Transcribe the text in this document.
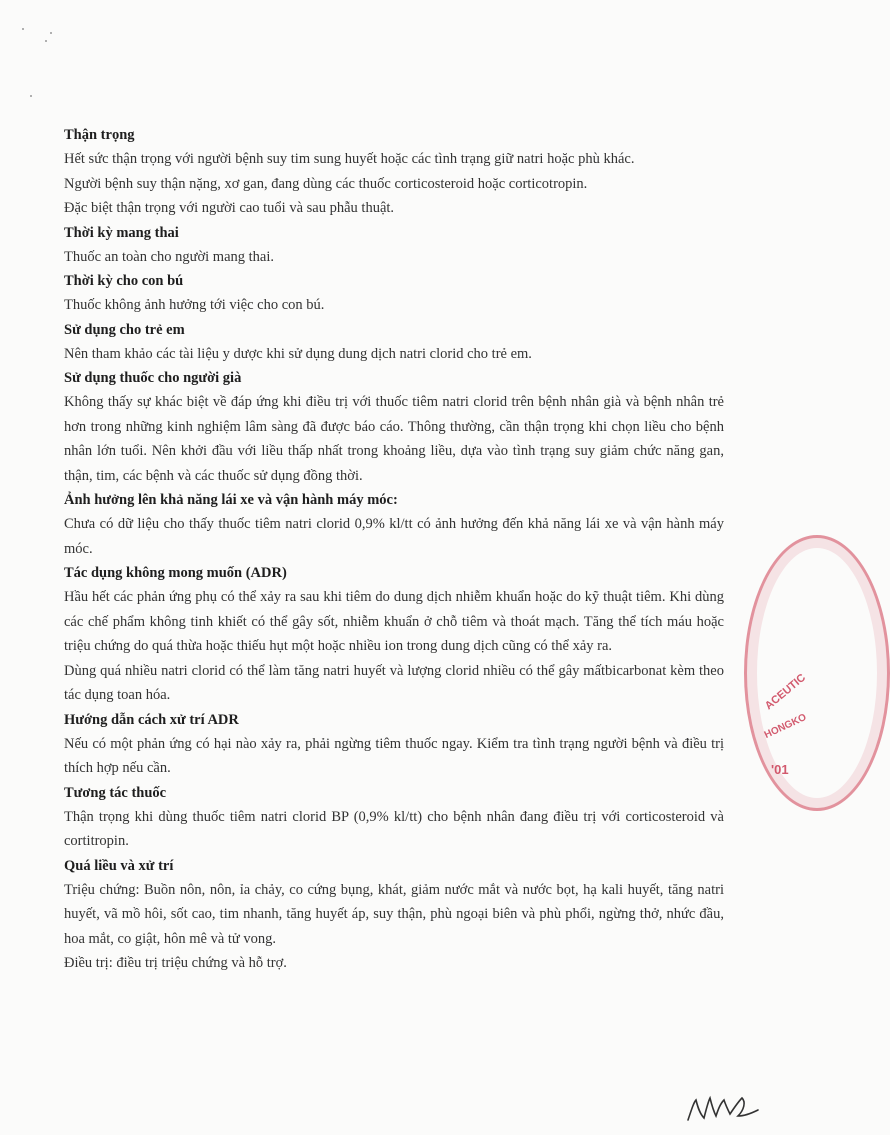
Thận trọng

Hết sức thận trọng với người bệnh suy tim sung huyết hoặc các tình trạng giữ natri hoặc phù khác.

Người bệnh suy thận nặng, xơ gan, đang dùng các thuốc corticosteroid hoặc corticotropin.

Đặc biệt thận trọng với người cao tuổi và sau phẫu thuật.

Thời kỳ mang thai

Thuốc an toàn cho người mang thai.

Thời kỳ cho con bú

Thuốc không ảnh hưởng tới việc cho con bú.

Sử dụng cho trẻ em

Nên tham khảo các tài liệu y dược khi sử dụng dung dịch natri clorid cho trẻ em.

Sử dụng thuốc cho người già

Không thấy sự khác biệt về đáp ứng khi điều trị với thuốc tiêm natri clorid trên bệnh nhân già và bệnh nhân trẻ hơn trong những kinh nghiệm lâm sàng đã được báo cáo. Thông thường, cần thận trọng khi chọn liều cho bệnh nhân lớn tuổi. Nên khởi đầu với liều thấp nhất trong khoảng liều, dựa vào tình trạng suy giảm chức năng gan, thận, tim, các bệnh và các thuốc sử dụng đồng thời.

Ảnh hưởng lên khả năng lái xe và vận hành máy móc:

Chưa có dữ liệu cho thấy thuốc tiêm natri clorid 0,9% kl/tt có ảnh hưởng đến khả năng lái xe và vận hành máy móc.

Tác dụng không mong muốn (ADR)

Hầu hết các phản ứng phụ có thể xảy ra sau khi tiêm do dung dịch nhiễm khuẩn hoặc do kỹ thuật tiêm. Khi dùng các chế phẩm không tinh khiết có thể gây sốt, nhiễm khuẩn ở chỗ tiêm và thoát mạch. Tăng thể tích máu hoặc triệu chứng do quá thừa hoặc thiếu hụt một hoặc nhiều ion trong dung dịch cũng có thể xảy ra.

Dùng quá nhiều natri clorid có thể làm tăng natri huyết và lượng clorid nhiều có thể gây mấtbicarbonat kèm theo tác dụng toan hóa.

Hướng dẫn cách xử trí ADR

Nếu có một phản ứng có hại nào xảy ra, phải ngừng tiêm thuốc ngay. Kiểm tra tình trạng người bệnh và điều trị thích hợp nếu cần.

Tương tác thuốc

Thận trọng khi dùng thuốc tiêm natri clorid BP (0,9% kl/tt) cho bệnh nhân đang điều trị với corticosteroid và cortitropin.

Quá liều và xử trí

Triệu chứng: Buồn nôn, nôn, ỉa chảy, co cứng bụng, khát, giảm nước mắt và nước bọt, hạ kali huyết, tăng natri huyết, vã mồ hôi, sốt cao, tim nhanh, tăng huyết áp, suy thận, phù ngoại biên và phù phổi, ngừng thở, nhức đầu, hoa mắt, co giật, hôn mê và tử vong.

Điều trị: điều trị triệu chứng và hỗ trợ.

ACEUTIC
HONGKO
'01
